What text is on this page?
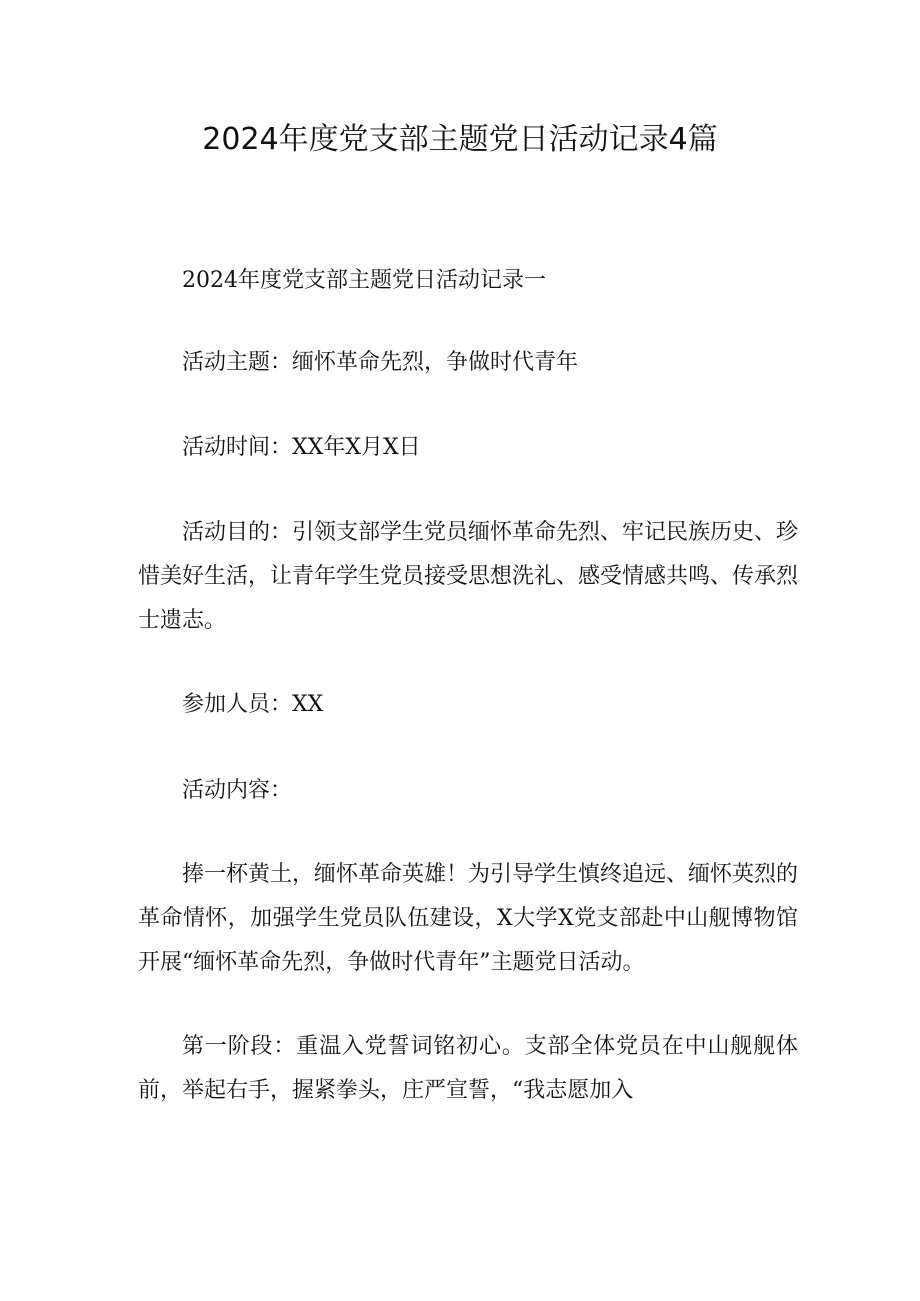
2024年度党支部主题党日活动记录4篇

2024年度党支部主题党日活动记录一

活动主题：缅怀革命先烈，争做时代青年

活动时间：XX年X月X日

活动目的：引领支部学生党员缅怀革命先烈、牢记民族历史、珍惜美好生活，让青年学生党员接受思想洗礼、感受情感共鸣、传承烈士遗志。

参加人员：XX

活动内容：

捧一杯黄土，缅怀革命英雄！为引导学生慎终追远、缅怀英烈的革命情怀，加强学生党员队伍建设，X大学X党支部赴中山舰博物馆开展“缅怀革命先烈，争做时代青年”主题党日活动。

第一阶段：重温入党誓词铭初心。支部全体党员在中山舰舰体前，举起右手，握紧拳头，庄严宣誓，“我志愿加入
